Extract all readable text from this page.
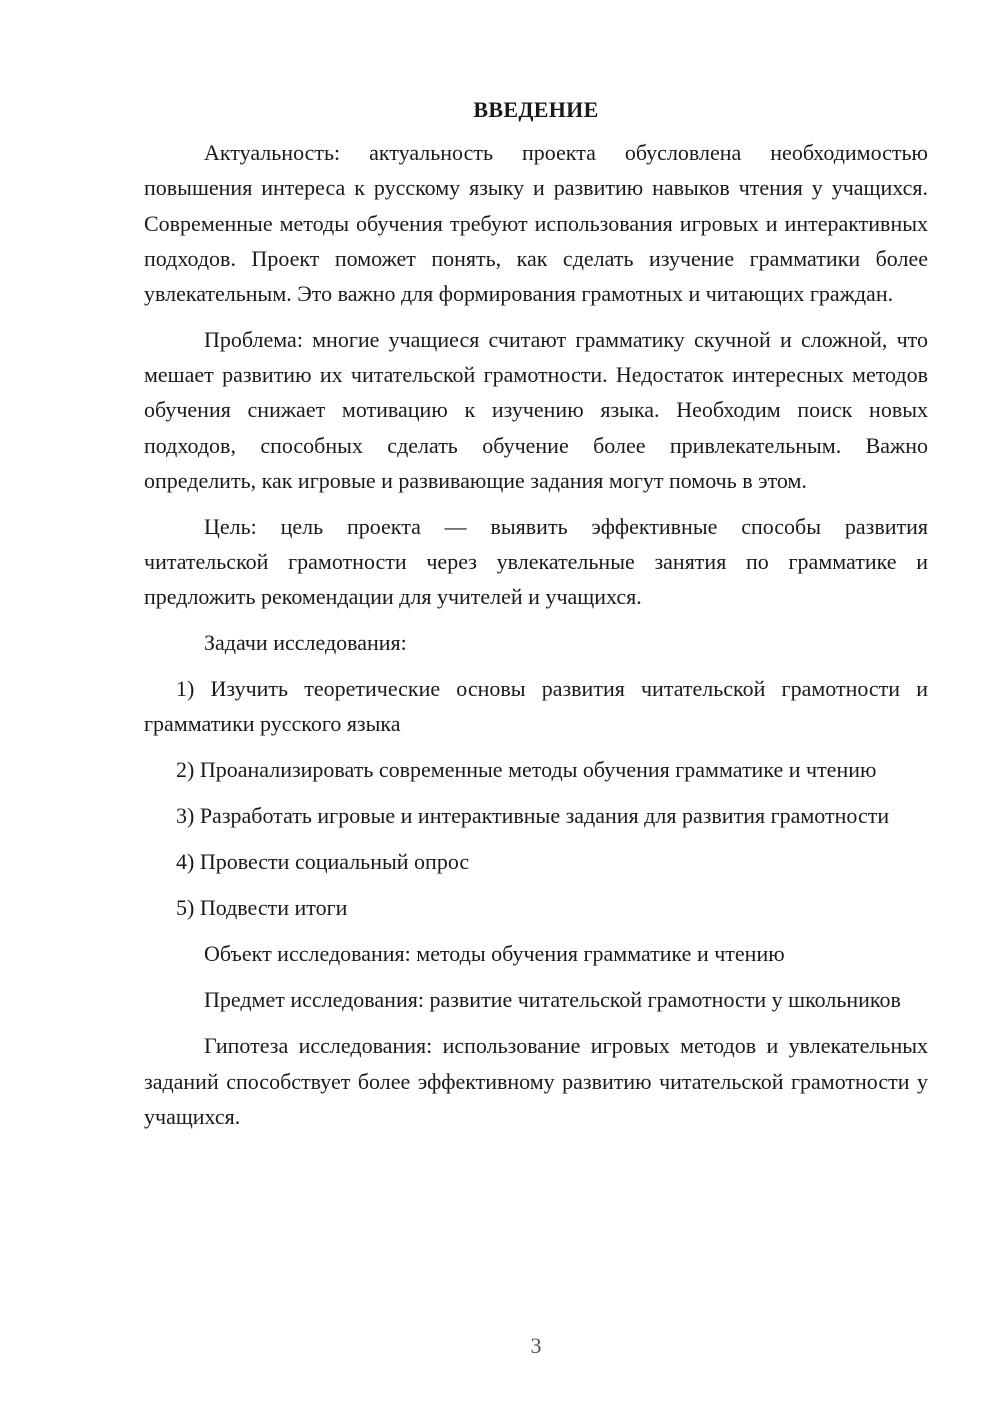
ВВЕДЕНИЕ

Актуальность: актуальность проекта обусловлена необходимостью повышения интереса к русскому языку и развитию навыков чтения у учащихся. Современные методы обучения требуют использования игровых и интерактивных подходов. Проект поможет понять, как сделать изучение грамматики более увлекательным. Это важно для формирования грамотных и читающих граждан.

Проблема: многие учащиеся считают грамматику скучной и сложной, что мешает развитию их читательской грамотности. Недостаток интересных методов обучения снижает мотивацию к изучению языка. Необходим поиск новых подходов, способных сделать обучение более привлекательным. Важно определить, как игровые и развивающие задания могут помочь в этом.

Цель: цель проекта — выявить эффективные способы развития читательской грамотности через увлекательные занятия по грамматике и предложить рекомендации для учителей и учащихся.

Задачи исследования:

1) Изучить теоретические основы развития читательской грамотности и грамматики русского языка

2) Проанализировать современные методы обучения грамматике и чтению

3) Разработать игровые и интерактивные задания для развития грамотности

4) Провести социальный опрос

5) Подвести итоги

Объект исследования: методы обучения грамматике и чтению

Предмет исследования: развитие читательской грамотности у школьников

Гипотеза исследования: использование игровых методов и увлекательных заданий способствует более эффективному развитию читательской грамотности у учащихся.

3
